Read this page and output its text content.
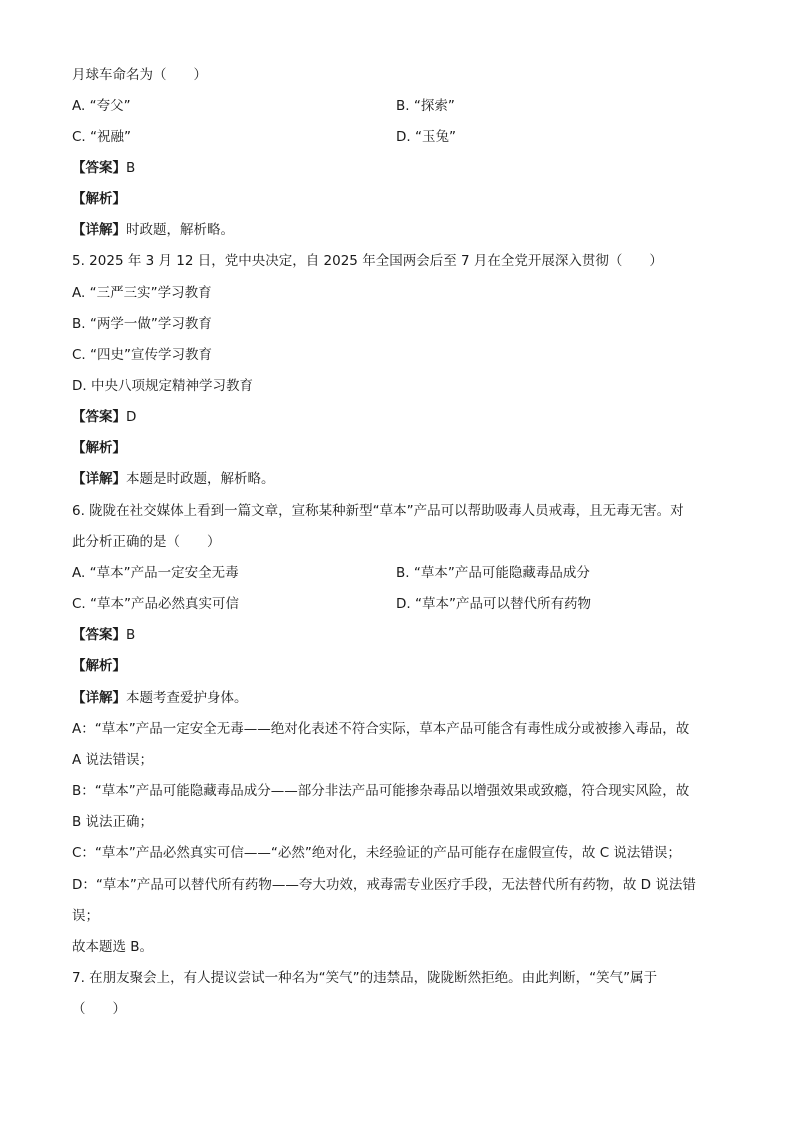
月球车命名为（　　）
A. “夸父”	B. “探索”
C. “祝融”	D. “玉兔”
【答案】B
【解析】
【详解】时政题，解析略。
5. 2025 年 3 月 12 日，党中央决定，自 2025 年全国两会后至 7 月在全党开展深入贯彻（　　）
A. “三严三实”学习教育
B. “两学一做”学习教育
C. “四史”宣传学习教育
D. 中央八项规定精神学习教育
【答案】D
【解析】
【详解】本题是时政题，解析略。
6. 陇陇在社交媒体上看到一篇文章，宣称某种新型“草本”产品可以帮助吸毒人员戒毒，且无毒无害。对
此分析正确的是（　　）
A. “草本”产品一定安全无毒	B. “草本”产品可能隐藏毒品成分
C. “草本”产品必然真实可信	D. “草本”产品可以替代所有药物
【答案】B
【解析】
【详解】本题考查爱护身体。
A：“草本”产品一定安全无毒——绝对化表述不符合实际，草本产品可能含有毒性成分或被掺入毒品，故
A 说法错误；
B：“草本”产品可能隐藏毒品成分——部分非法产品可能掺杂毒品以增强效果或致瘾，符合现实风险，故
B 说法正确；
C：“草本”产品必然真实可信——“必然”绝对化，未经验证的产品可能存在虚假宣传，故 C 说法错误；
D：“草本”产品可以替代所有药物——夸大功效，戒毒需专业医疗手段，无法替代所有药物，故 D 说法错
误；
故本题选 B。
7. 在朋友聚会上，有人提议尝试一种名为“笑气”的违禁品，陇陇断然拒绝。由此判断，“笑气”属于
（　　）
